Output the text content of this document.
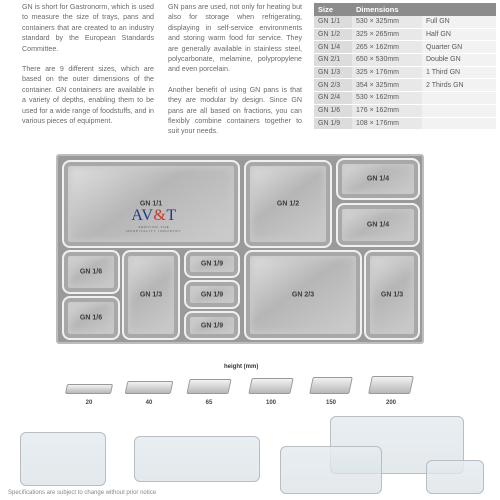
GN is short for Gastronorm, which is used to measure the size of trays, pans and containers that are created to an industry standard by the European Standards Committee.

There are 9 different sizes, which are based on the outer dimensions of the container. GN containers are available in a variety of depths, enabling them to be used for a wide range of foodstuffs, and in various pieces of equipment.

GN pans are used, not only for heating but also for storage when refrigerating, displaying in self-service environments and storing warm food for service. They are generally available in stainless steel, polycarbonate, melamine, polypropylene and even porcelain.

Another benefit of using GN pans is that they are modular by design. Since GN pans are all based on fractions, you can flexibly combine containers together to suit your needs.

Size	Dimensions	
GN 1/1	530 × 325mm	Full GN
GN 1/2	325 × 265mm	Half GN
GN 1/4	265 × 162mm	Quarter GN
GN 2/1	650 × 530mm	Double GN
GN 1/3	325 × 176mm	1 Third GN
GN 2/3	354 × 325mm	2 Thirds GN
GN 2/4	530 × 162mm	
GN 1/6	176 × 162mm	
GN 1/9	108 × 176mm	
GN 1/1	GN 1/2
GN 1/4
GN 1/4
GN 1/6
GN 1/6
GN 1/3
GN 1/9
GN 1/9
GN 1/9
GN 2/3	GN 1/3
AV&T
SERVING THE HOSPITALITY INDUSTRY
height (mm)
20	40	65	100	150	200
Specifications are subject to change without prior notice
